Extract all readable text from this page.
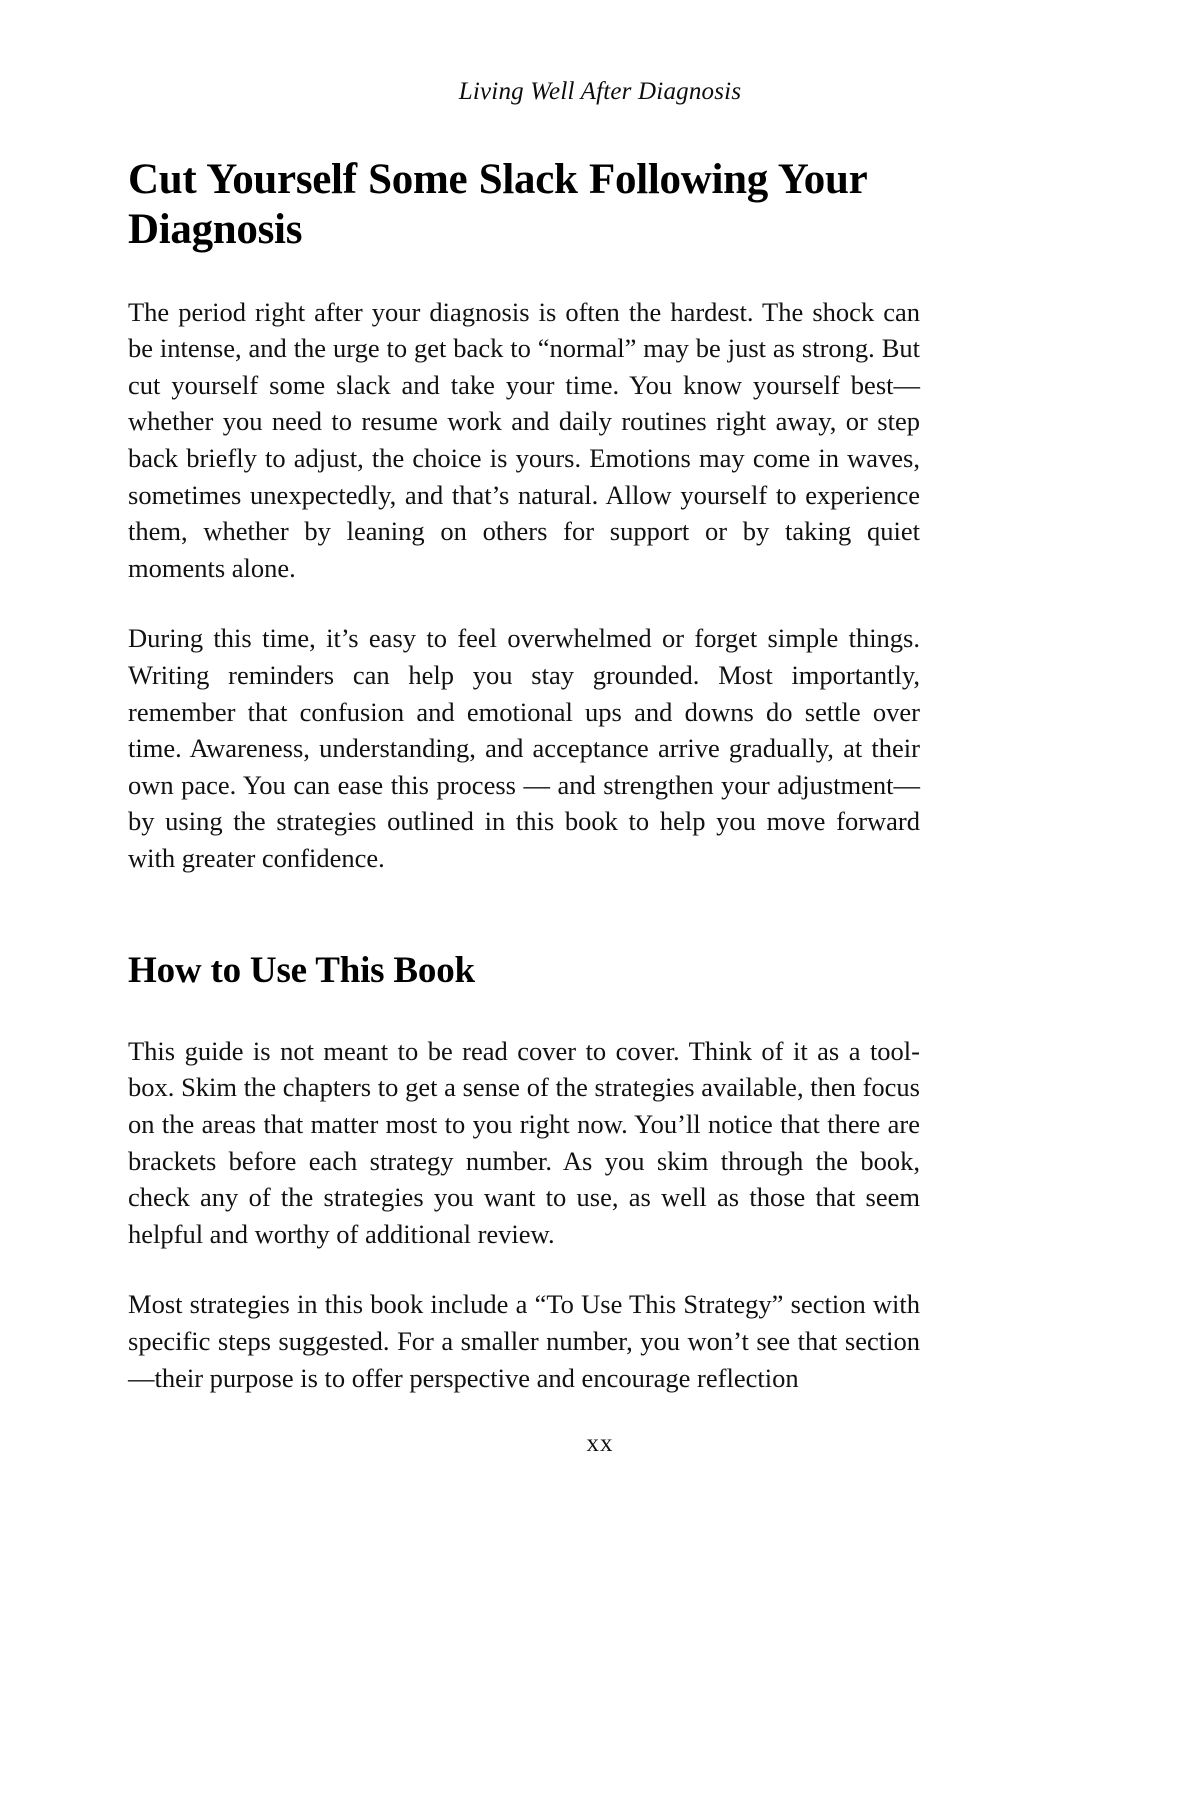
Living Well After Diagnosis
Cut Yourself Some Slack Following Your Diagnosis

The period right after your diagnosis is often the hardest. The shock can be intense, and the urge to get back to “normal” may be just as strong. But cut yourself some slack and take your time. You know yourself best—whether you need to resume work and daily routines right away, or step back briefly to adjust, the choice is yours. Emotions may come in waves, sometimes unexpectedly, and that’s natural. Allow yourself to experience them, whether by leaning on others for support or by taking quiet moments alone.

During this time, it’s easy to feel overwhelmed or forget simple things. Writing reminders can help you stay grounded. Most importantly, remember that confusion and emotional ups and downs do settle over time. Awareness, understanding, and acceptance arrive gradually, at their own pace. You can ease this process — and strengthen your adjustment—by using the strategies outlined in this book to help you move forward with greater confidence.

How to Use This Book

This guide is not meant to be read cover to cover. Think of it as a tool-box. Skim the chapters to get a sense of the strategies available, then focus on the areas that matter most to you right now. You’ll notice that there are brackets before each strategy number. As you skim through the book, check any of the strategies you want to use, as well as those that seem helpful and worthy of additional review.

Most strategies in this book include a “To Use This Strategy” section with specific steps suggested. For a smaller number, you won’t see that section—their purpose is to offer perspective and encourage reflection

xx
